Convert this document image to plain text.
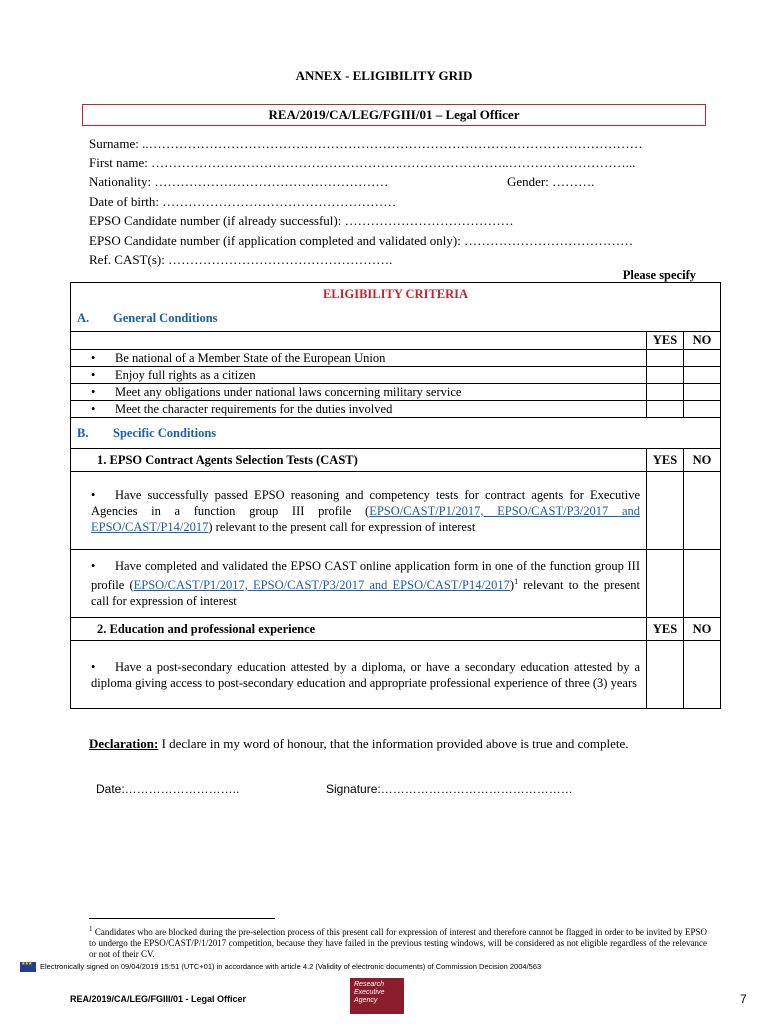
ANNEX - ELIGIBILITY GRID
REA/2019/CA/LEG/FGIII/01 – Legal Officer
Surname: ..……………………………………………………………………………………………………
First name: ………………………………………………………………………..………………………...
Nationality: ………………………………………………	Gender: ……….
Date of birth: ………………………………………………
EPSO Candidate number (if already successful): …………………………………
EPSO Candidate number (if application completed and validated only): …………………………………
Ref. CAST(s): …………………………………………….
Please specify
ELIGIBILITY CRITERIA		
A. General Conditions		
	YES	NO
• Be national of a Member State of the European Union		
• Enjoy full rights as a citizen		
• Meet any obligations under national laws concerning military service		
• Meet the character requirements for the duties involved		
B. Specific Conditions		
1. EPSO Contract Agents Selection Tests (CAST)	YES	NO
• Have successfully passed EPSO reasoning and competency tests for contract agents for Executive Agencies in a function group III profile (EPSO/CAST/P1/2017, EPSO/CAST/P3/2017 and EPSO/CAST/P14/2017) relevant to the present call for expression of interest		
• Have completed and validated the EPSO CAST online application form in one of the function group III profile (EPSO/CAST/P1/2017, EPSO/CAST/P3/2017 and EPSO/CAST/P14/2017)$^1$ relevant to the present call for expression of interest		
2. Education and professional experience	YES	NO
• Have a post-secondary education attested by a diploma, or have a secondary education attested by a diploma giving access to post-secondary education and appropriate professional experience of three (3) years		
Declaration: I declare in my word of honour, that the information provided above is true and complete.
Date:………………………..	Signature:…………………………………………
$^1$ Candidates who are blocked during the pre-selection process of this present call for expression of interest and therefore cannot be flagged in order to be invited by EPSO to undergo the EPSO/CAST/P/1/2017 competition, because they have failed in the previous testing windows, will be considered as not eligible regardless of the relevance or not of their CV.
★★★Electronically signed on 09/04/2019 15:51 (UTC+01) in accordance with article 4.2 (Validity of electronic documents) of Commission Decision 2004/563
REA/2019/CA/LEG/FGIII/01 - Legal Officer
Research Executive Agency	7
